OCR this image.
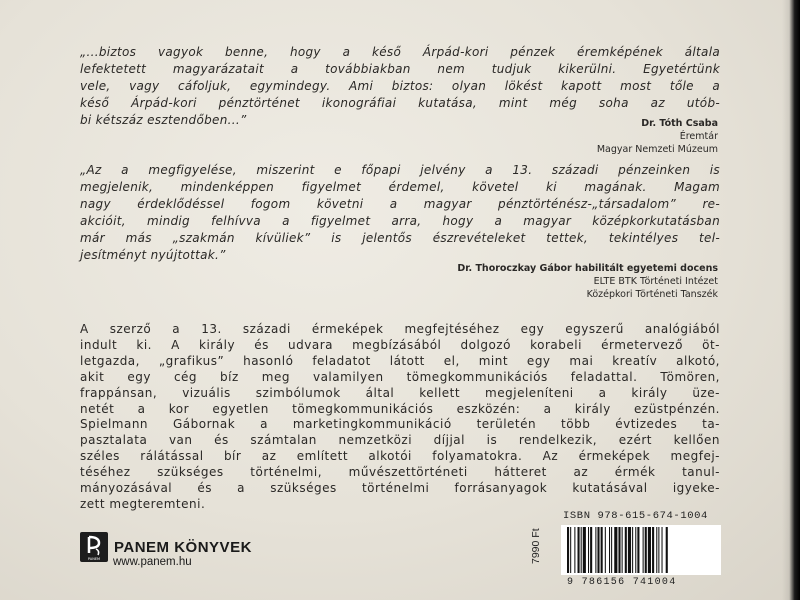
„...biztos vagyok benne, hogy a késő Árpád-kori pénzek éremképének általa
lefektetett magyarázatait a továbbiakban nem tudjuk kikerülni. Egyetértünk
vele, vagy cáfoljuk, egymindegy. Ami biztos: olyan lökést kapott most tőle a
késő Árpád-kori pénztörténet ikonográfiai kutatása, mint még soha az utób-
bi kétszáz esztendőben...”	Dr. Tóth Csaba
Éremtár
Magyar Nemzeti Múzeum
„Az a megfigyelése, miszerint e főpapi jelvény a 13. századi pénzeinken is
megjelenik, mindenképpen figyelmet érdemel, követel ki magának. Magam
nagy érdeklődéssel fogom követni a magyar pénztörténész-„társadalom” re-
akcióit, mindig felhívva a figyelmet arra, hogy a magyar középkorkutatásban
már más „szakmán kívüliek” is jelentős észrevételeket tettek, tekintélyes tel-
jesítményt nyújtottak.”
Dr. Thoroczkay Gábor habilitált egyetemi docens
ELTE BTK Történeti Intézet
Középkori Történeti Tanszék
A szerző a 13. századi érmeképek megfejtéséhez egy egyszerű analógiából
indult ki. A király és udvara megbízásából dolgozó korabeli érmetervező öt-
letgazda, „grafikus” hasonló feladatot látott el, mint egy mai kreatív alkotó,
akit egy cég bíz meg valamilyen tömegkommunikációs feladattal. Tömören,
frappánsan, vizuális szimbólumok által kellett megjeleníteni a király üze-
netét a kor egyetlen tömegkommunikációs eszközén: a király ezüstpénzén.
Spielmann Gábornak a marketingkommunikáció területén több évtizedes ta-
pasztalata van és számtalan nemzetközi díjjal is rendelkezik, ezért kellően
széles rálátással bír az említett alkotói folyamatokra. Az érmeképek megfej-
téséhez szükséges történelmi, művészettörténeti hátteret az érmék tanul-
mányozásával és a szükséges történelmi forrásanyagok kutatásával igyeke-
zett megteremteni.
PANEM
PANEM KÖNYVEK
www.panem.hu
ISBN 978-615-674-1004
7990 Ft
9 786156 741004
